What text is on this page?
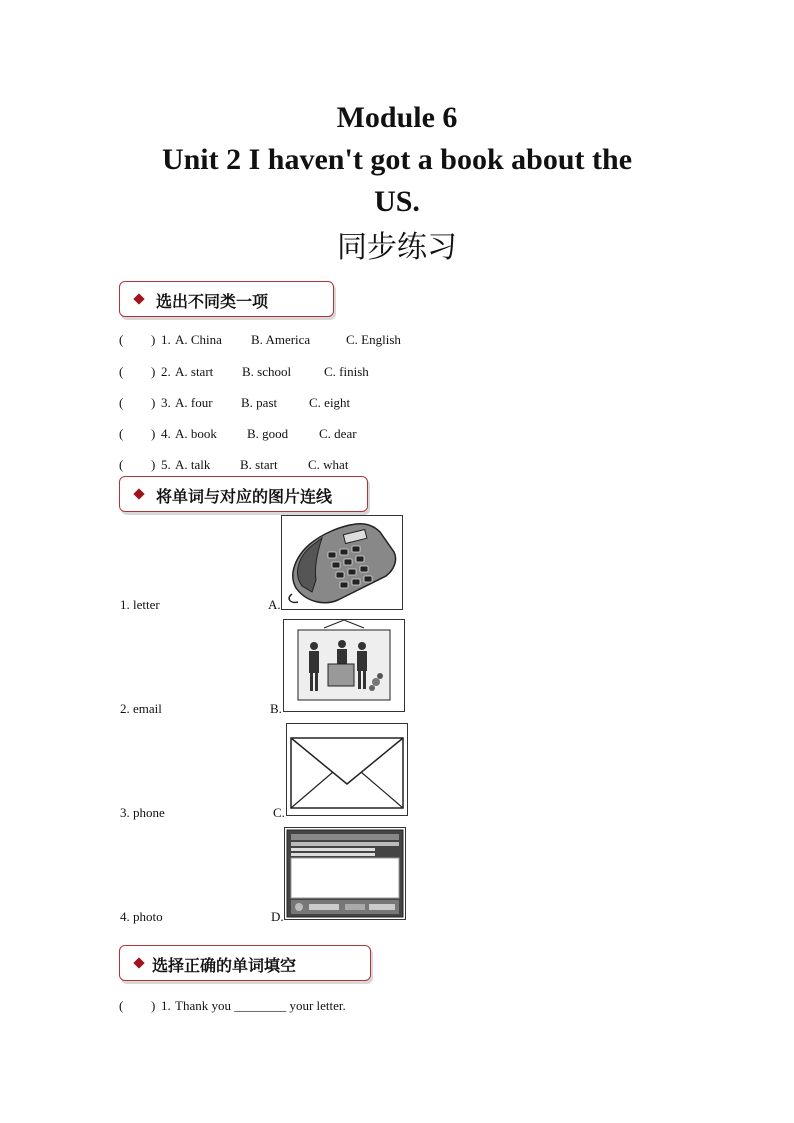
Module 6
Unit 2 I haven't got a book about the
US.
同步练习
选出不同类一项
( ) 1. A. China B. America	C. English
( ) 2. A. start B. school	C. finish
( ) 3. A. four B. past C. eight
( ) 4. A. book B. good C. dear
( ) 5. A. talk B. start C. what
将单词与对应的图片连线
1. letter
2. email
3. phone
4. photo
A.
B.
C.
D.
选择正确的单词填空
( ) 1. Thank you ________ your letter.
